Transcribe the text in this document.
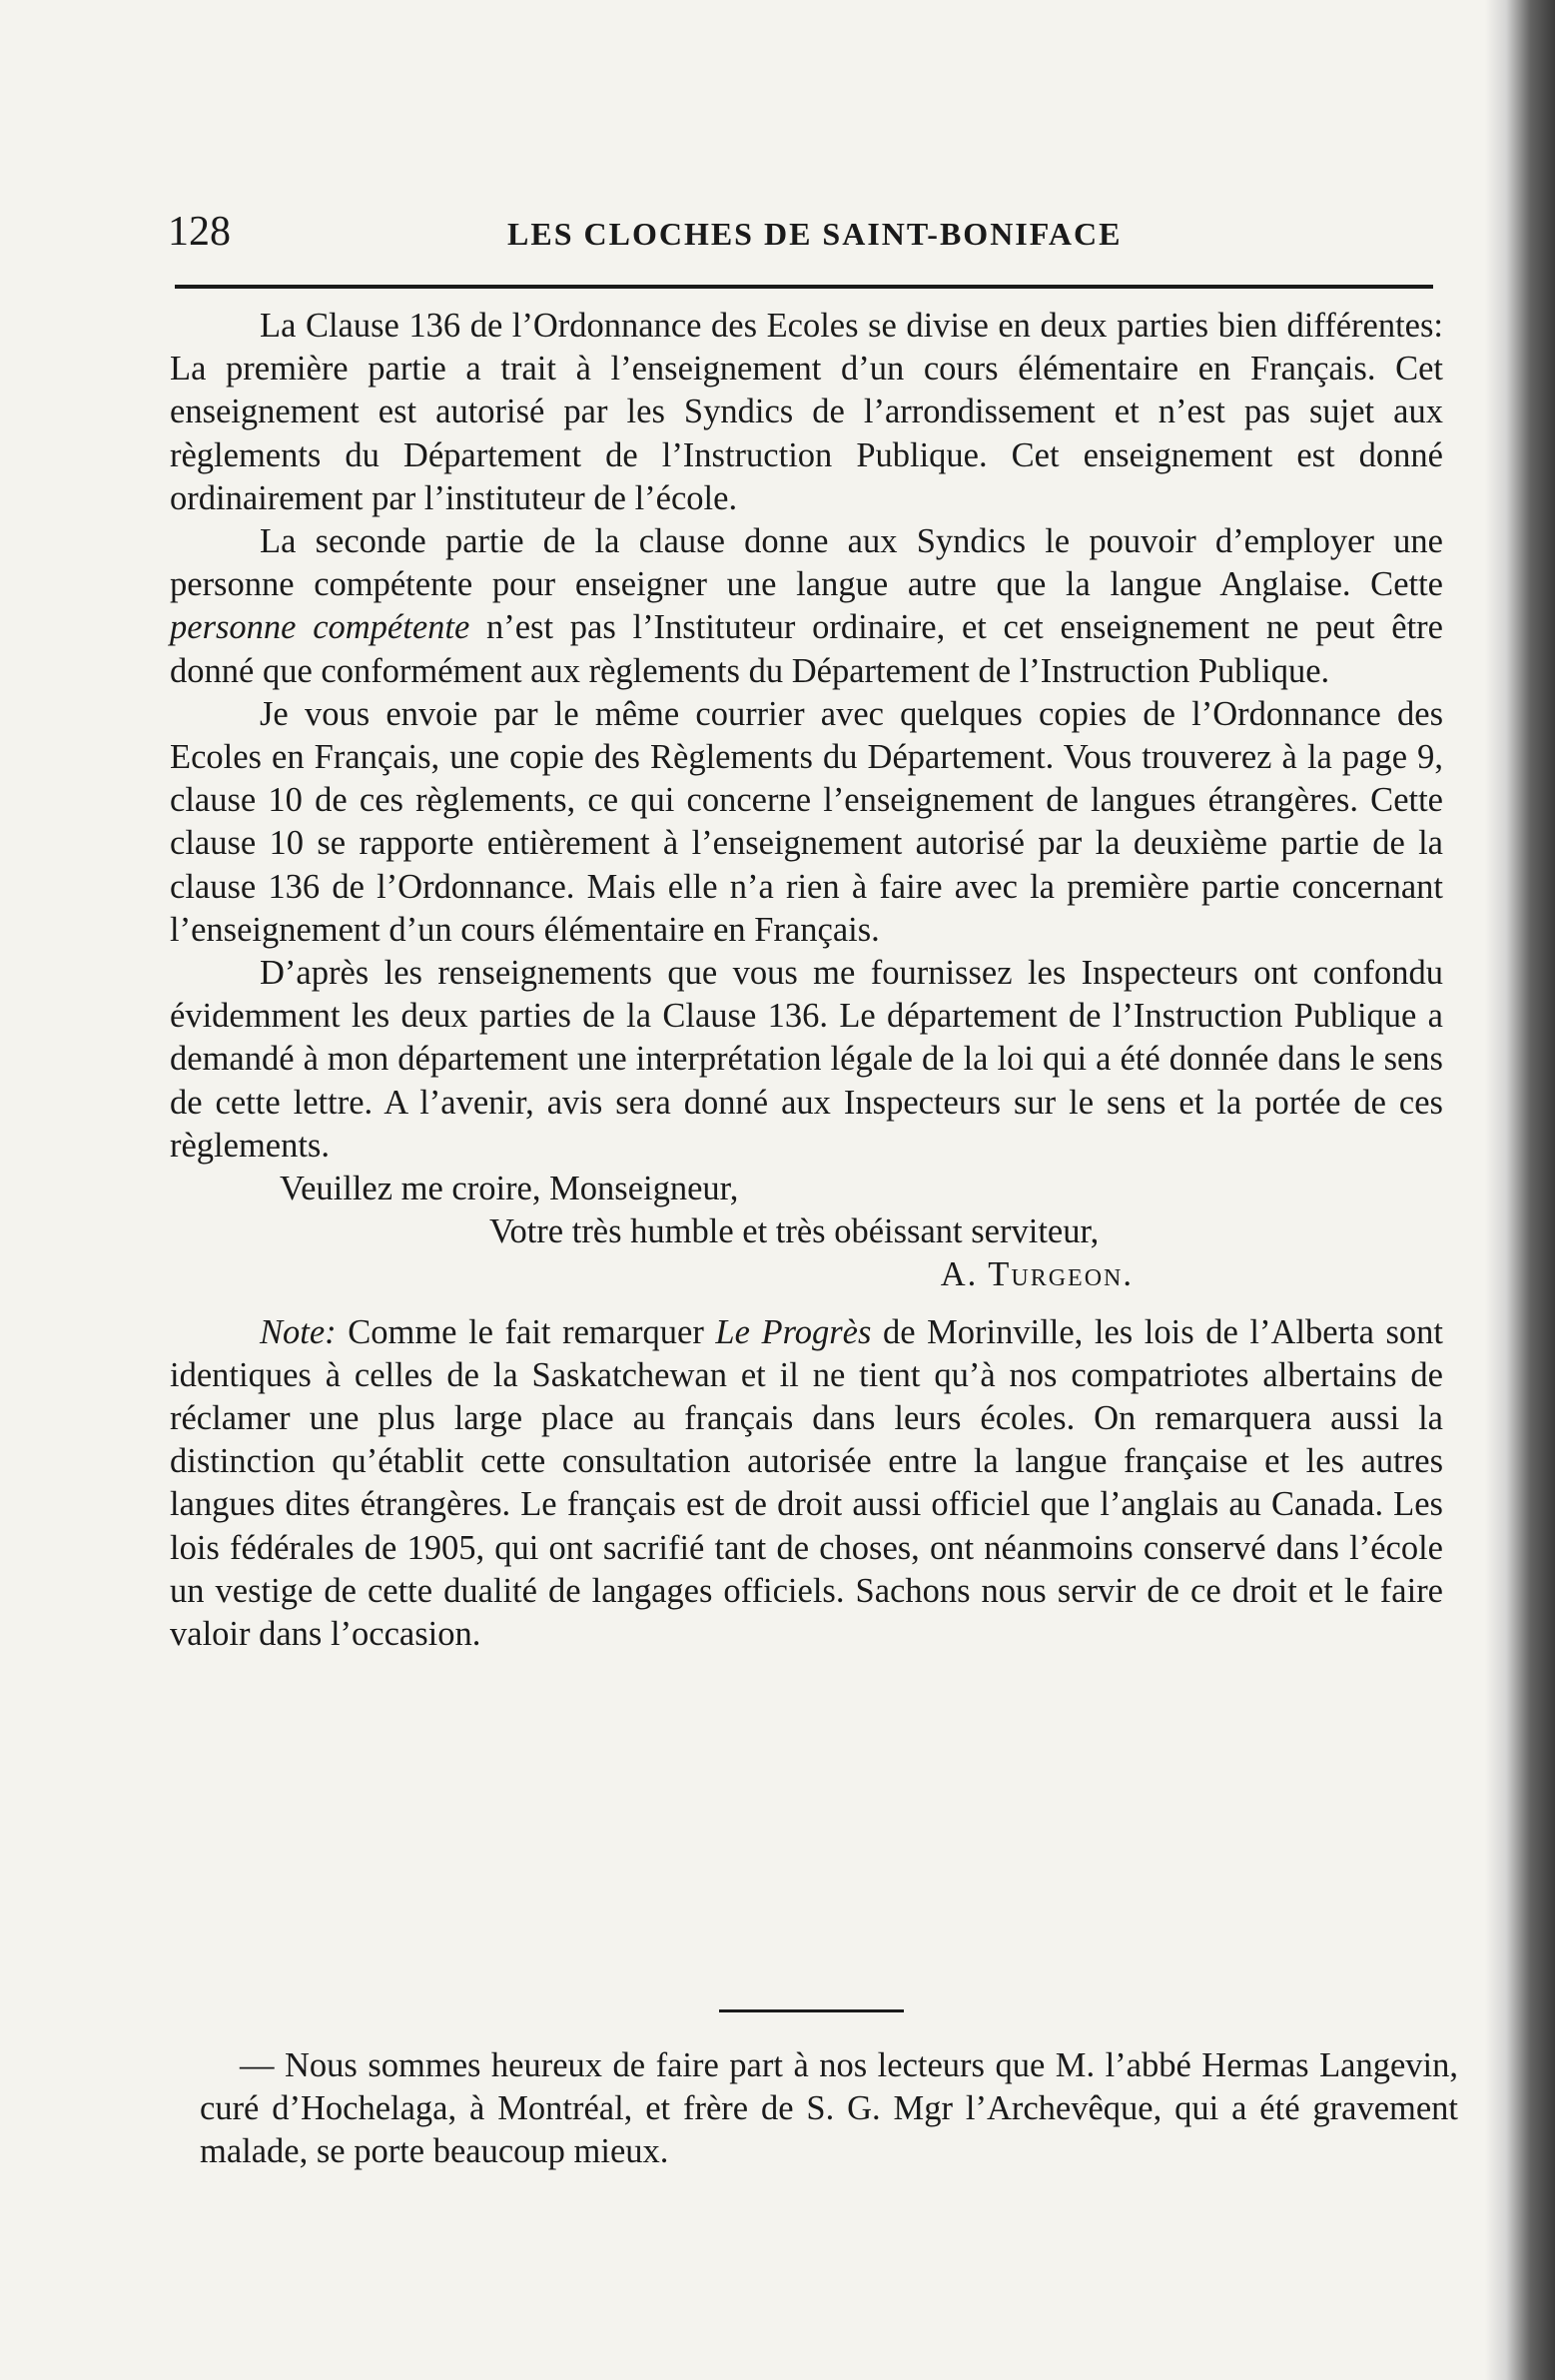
128	LES CLOCHES DE SAINT-BONIFACE

La Clause 136 de l’Ordonnance des Ecoles se divise en deux parties bien différentes: La première partie a trait à l’enseignement d’un cours élémentaire en Français. Cet enseignement est autorisé par les Syndics de l’arrondissement et n’est pas sujet aux règlements du Département de l’Instruction Publique. Cet enseignement est donné ordinairement par l’instituteur de l’école.

La seconde partie de la clause donne aux Syndics le pouvoir d’employer une personne compétente pour enseigner une langue autre que la langue Anglaise. Cette personne compétente n’est pas l’Instituteur ordinaire, et cet enseignement ne peut être donné que conformément aux règlements du Département de l’Instruction Publique.

Je vous envoie par le même courrier avec quelques copies de l’Ordonnance des Ecoles en Français, une copie des Règlements du Département. Vous trouverez à la page 9, clause 10 de ces règlements, ce qui concerne l’enseignement de langues étrangères. Cette clause 10 se rapporte entièrement à l’enseignement autorisé par la deuxième partie de la clause 136 de l’Ordonnance. Mais elle n’a rien à faire avec la première partie concernant l’enseignement d’un cours élémentaire en Français.

D’après les renseignements que vous me fournissez les Inspecteurs ont confondu évidemment les deux parties de la Clause 136. Le département de l’Instruction Publique a demandé à mon département une interprétation légale de la loi qui a été donnée dans le sens de cette lettre. A l’avenir, avis sera donné aux Inspecteurs sur le sens et la portée de ces règlements.

Veuillez me croire, Monseigneur,

Votre très humble et très obéissant serviteur,

A. Turgeon.

Note: Comme le fait remarquer Le Progrès de Morinville, les lois de l’Alberta sont identiques à celles de la Saskatchewan et il ne tient qu’à nos compatriotes albertains de réclamer une plus large place au français dans leurs écoles. On remarquera aussi la distinction qu’établit cette consultation autorisée entre la langue française et les autres langues dites étrangères. Le français est de droit aussi officiel que l’anglais au Canada. Les lois fédérales de 1905, qui ont sacrifié tant de choses, ont néanmoins conservé dans l’école un vestige de cette dualité de langages officiels. Sachons nous servir de ce droit et le faire valoir dans l’occasion.

— Nous sommes heureux de faire part à nos lecteurs que M. l’abbé Hermas Langevin, curé d’Hochelaga, à Montréal, et frère de S. G. Mgr l’Archevêque, qui a été gravement malade, se porte beaucoup mieux.
